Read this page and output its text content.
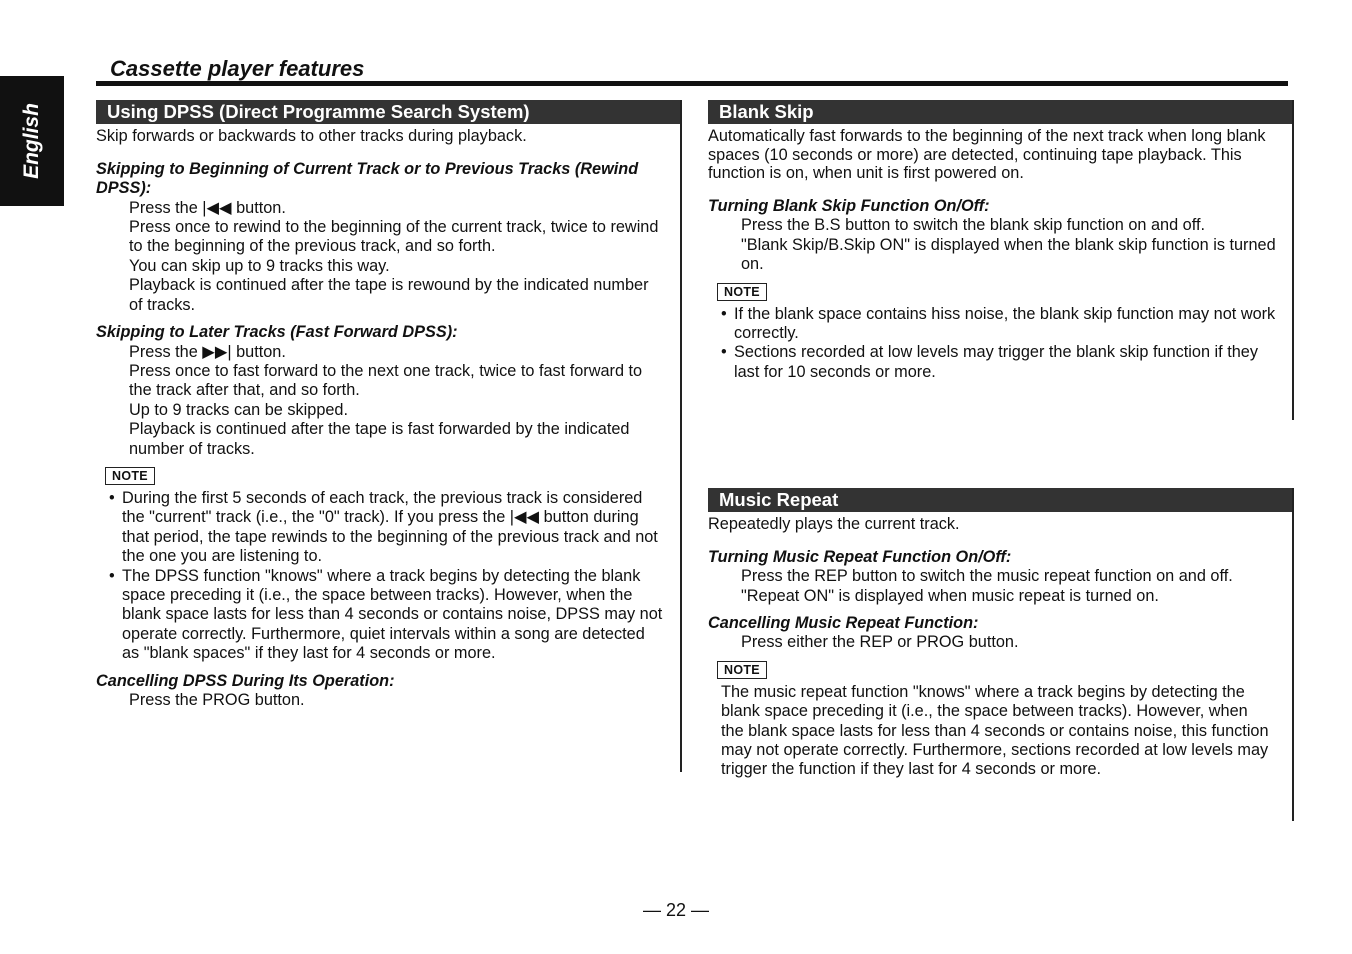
English
Cassette player features
Using DPSS (Direct Programme Search System)
Skip forwards or backwards to other tracks during playback.
Skipping to Beginning of Current Track or to Previous Tracks (Rewind DPSS):
Press the |◀◀ button.
Press once to rewind to the beginning of the current track, twice to rewind to the beginning of the previous track, and so forth.
You can skip up to 9 tracks this way.
Playback is continued after the tape is rewound by the indicated number of tracks.
Skipping to Later Tracks (Fast Forward DPSS):
Press the ▶▶| button.
Press once to fast forward to the next one track, twice to fast forward to the track after that, and so forth.
Up to 9 tracks can be skipped.
Playback is continued after the tape is fast forwarded by the indicated number of tracks.
NOTE
• During the first 5 seconds of each track, the previous track is considered the "current" track (i.e., the "0" track). If you press the |◀◀ button during that period, the tape rewinds to the beginning of the previous track and not the one you are listening to.
• The DPSS function "knows" where a track begins by detecting the blank space preceding it (i.e., the space between tracks). However, when the blank space lasts for less than 4 seconds or contains noise, DPSS may not operate correctly. Furthermore, quiet intervals within a song are detected as "blank spaces" if they last for 4 seconds or more.
Cancelling DPSS During Its Operation:
Press the PROG button.
Blank Skip
Automatically fast forwards to the beginning of the next track when long blank spaces (10 seconds or more) are detected, continuing tape playback. This function is on, when unit is first powered on.
Turning Blank Skip Function On/Off:
Press the B.S button to switch the blank skip function on and off.
"Blank Skip/B.Skip ON" is displayed when the blank skip function is turned on.
NOTE
• If the blank space contains hiss noise, the blank skip function may not work correctly.
• Sections recorded at low levels may trigger the blank skip function if they last for 10 seconds or more.
Music Repeat
Repeatedly plays the current track.
Turning Music Repeat Function On/Off:
Press the REP button to switch the music repeat function on and off.
"Repeat ON" is displayed when music repeat is turned on.
Cancelling Music Repeat Function:
Press either the REP or PROG button.
NOTE
The music repeat function "knows" where a track begins by detecting the blank space preceding it (i.e., the space between tracks). However, when the blank space lasts for less than 4 seconds or contains noise, this function may not operate correctly. Furthermore, sections recorded at low levels may trigger the function if they last for 4 seconds or more.
— 22 —
